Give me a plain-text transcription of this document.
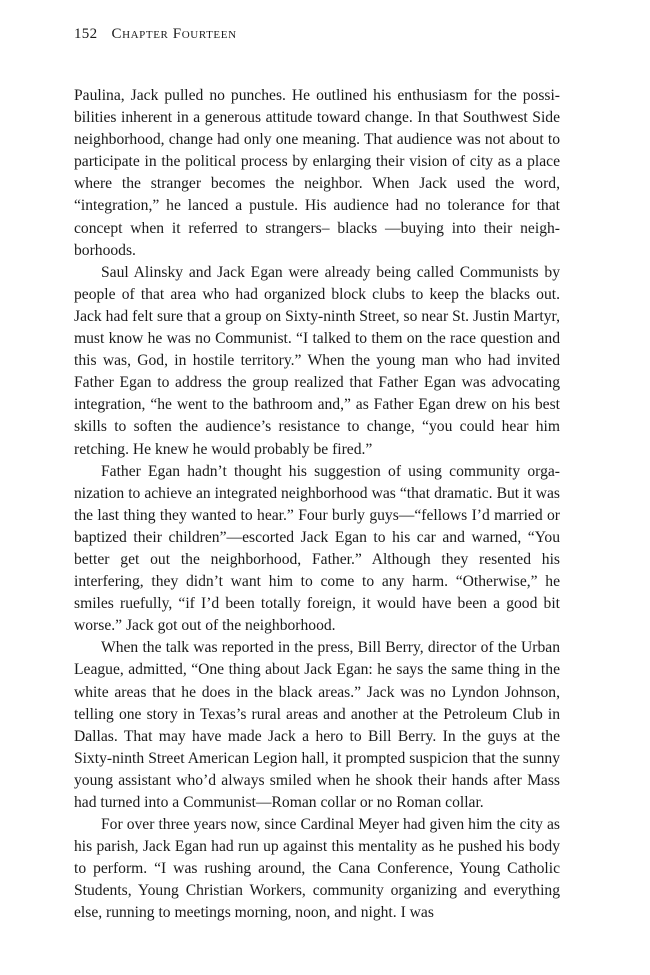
152 Chapter Fourteen

Paulina, Jack pulled no punches. He outlined his enthusiasm for the possibilities inherent in a generous attitude toward change. In that Southwest Side neighborhood, change had only one meaning. That audience was not about to participate in the political process by enlarging their vision of city as a place where the stranger becomes the neighbor. When Jack used the word, “integration,” he lanced a pustule. His audience had no tolerance for that concept when it referred to strangers– blacks —buying into their neighborhoods.

Saul Alinsky and Jack Egan were already being called Communists by people of that area who had organized block clubs to keep the blacks out. Jack had felt sure that a group on Sixty-ninth Street, so near St. Justin Martyr, must know he was no Communist. “I talked to them on the race question and this was, God, in hostile territory.” When the young man who had invited Father Egan to address the group realized that Father Egan was advocating integration, “he went to the bathroom and,” as Father Egan drew on his best skills to soften the audience’s resistance to change, “you could hear him retching. He knew he would probably be fired.”

Father Egan hadn’t thought his suggestion of using community organization to achieve an integrated neighborhood was “that dramatic. But it was the last thing they wanted to hear.” Four burly guys—“fellows I’d married or baptized their children”—escorted Jack Egan to his car and warned, “You better get out the neighborhood, Father.” Although they resented his interfering, they didn’t want him to come to any harm. “Otherwise,” he smiles ruefully, “if I’d been totally foreign, it would have been a good bit worse.” Jack got out of the neighborhood.

When the talk was reported in the press, Bill Berry, director of the Urban League, admitted, “One thing about Jack Egan: he says the same thing in the white areas that he does in the black areas.” Jack was no Lyndon Johnson, telling one story in Texas’s rural areas and another at the Petroleum Club in Dallas. That may have made Jack a hero to Bill Berry. In the guys at the Sixty-ninth Street American Legion hall, it prompted suspicion that the sunny young assistant who’d always smiled when he shook their hands after Mass had turned into a Communist—Roman collar or no Roman collar.

For over three years now, since Cardinal Meyer had given him the city as his parish, Jack Egan had run up against this mentality as he pushed his body to perform. “I was rushing around, the Cana Conference, Young Catholic Students, Young Christian Workers, community organizing and everything else, running to meetings morning, noon, and night. I was
